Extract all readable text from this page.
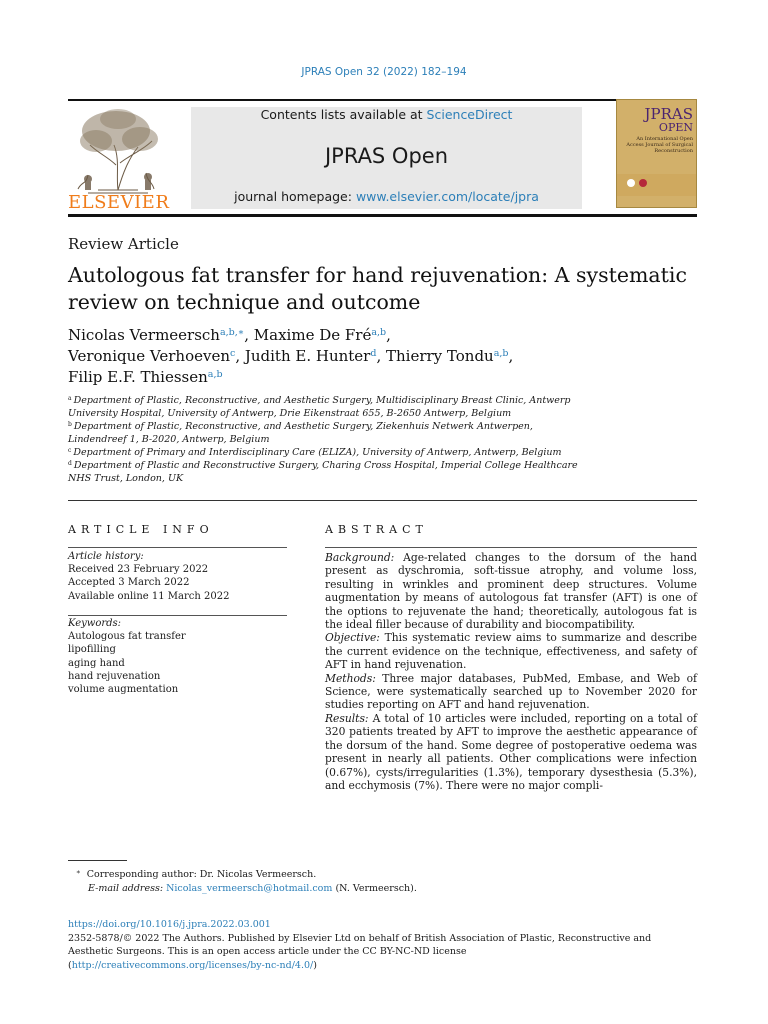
JPRAS Open 32 (2022) 182–194
ELSEVIER
Contents lists available at ScienceDirect
JPRAS Open
journal homepage: www.elsevier.com/locate/jpra
JPRAS
OPEN
An International Open Access Journal of Surgical Reconstruction
Review Article
Autologous fat transfer for hand rejuvenation: A systematic review on technique and outcome
Nicolas Vermeersch$^{a,b,∗}$, Maxime De Fré$^{a,b}$,
Veronique Verhoeven$^c$, Judith E. Hunter$^d$, Thierry Tondu$^{a,b}$,
Filip E.F. Thiessen$^{a,b}$
$^a$ Department of Plastic, Reconstructive, and Aesthetic Surgery, Multidisciplinary Breast Clinic, Antwerp University Hospital, University of Antwerp, Drie Eikenstraat 655, B-2650 Antwerp, Belgium
$^b$ Department of Plastic, Reconstructive, and Aesthetic Surgery, Ziekenhuis Netwerk Antwerpen, Lindendreef 1, B-2020, Antwerp, Belgium
$^c$ Department of Primary and Interdisciplinary Care (ELIZA), University of Antwerp, Antwerp, Belgium
$^d$ Department of Plastic and Reconstructive Surgery, Charing Cross Hospital, Imperial College Healthcare NHS Trust, London, UK
ARTICLE INFO
Article history:
Received 23 February 2022
Accepted 3 March 2022
Available online 11 March 2022
Keywords:
Autologous fat transfer
lipofilling
aging hand
hand rejuvenation
volume augmentation
ABSTRACT

Background: Age-related changes to the dorsum of the hand present as dyschromia, soft-tissue atrophy, and volume loss, resulting in wrinkles and prominent deep structures. Volume augmentation by means of autologous fat transfer (AFT) is one of the options to rejuvenate the hand; theoretically, autologous fat is the ideal filler because of durability and biocompatibility.

Objective: This systematic review aims to summarize and describe the current evidence on the technique, effectiveness, and safety of AFT in hand rejuvenation.

Methods: Three major databases, PubMed, Embase, and Web of Science, were systematically searched up to November 2020 for studies reporting on AFT and hand rejuvenation.

Results: A total of 10 articles were included, reporting on a total of 320 patients treated by AFT to improve the aesthetic appearance of the dorsum of the hand. Some degree of postoperative oedema was present in nearly all patients. Other complications were infection (0.67%), cysts/irregularities (1.3%), temporary dysesthesia (5.3%), and ecchymosis (7%). There were no major compli-

∗ Corresponding author: Dr. Nicolas Vermeersch.
E-mail address: Nicolas_vermeersch@hotmail.com (N. Vermeersch).
https://doi.org/10.1016/j.jpra.2022.03.001
2352-5878/© 2022 The Authors. Published by Elsevier Ltd on behalf of British Association of Plastic, Reconstructive and Aesthetic Surgeons. This is an open access article under the CC BY-NC-ND license
(http://creativecommons.org/licenses/by-nc-nd/4.0/)
